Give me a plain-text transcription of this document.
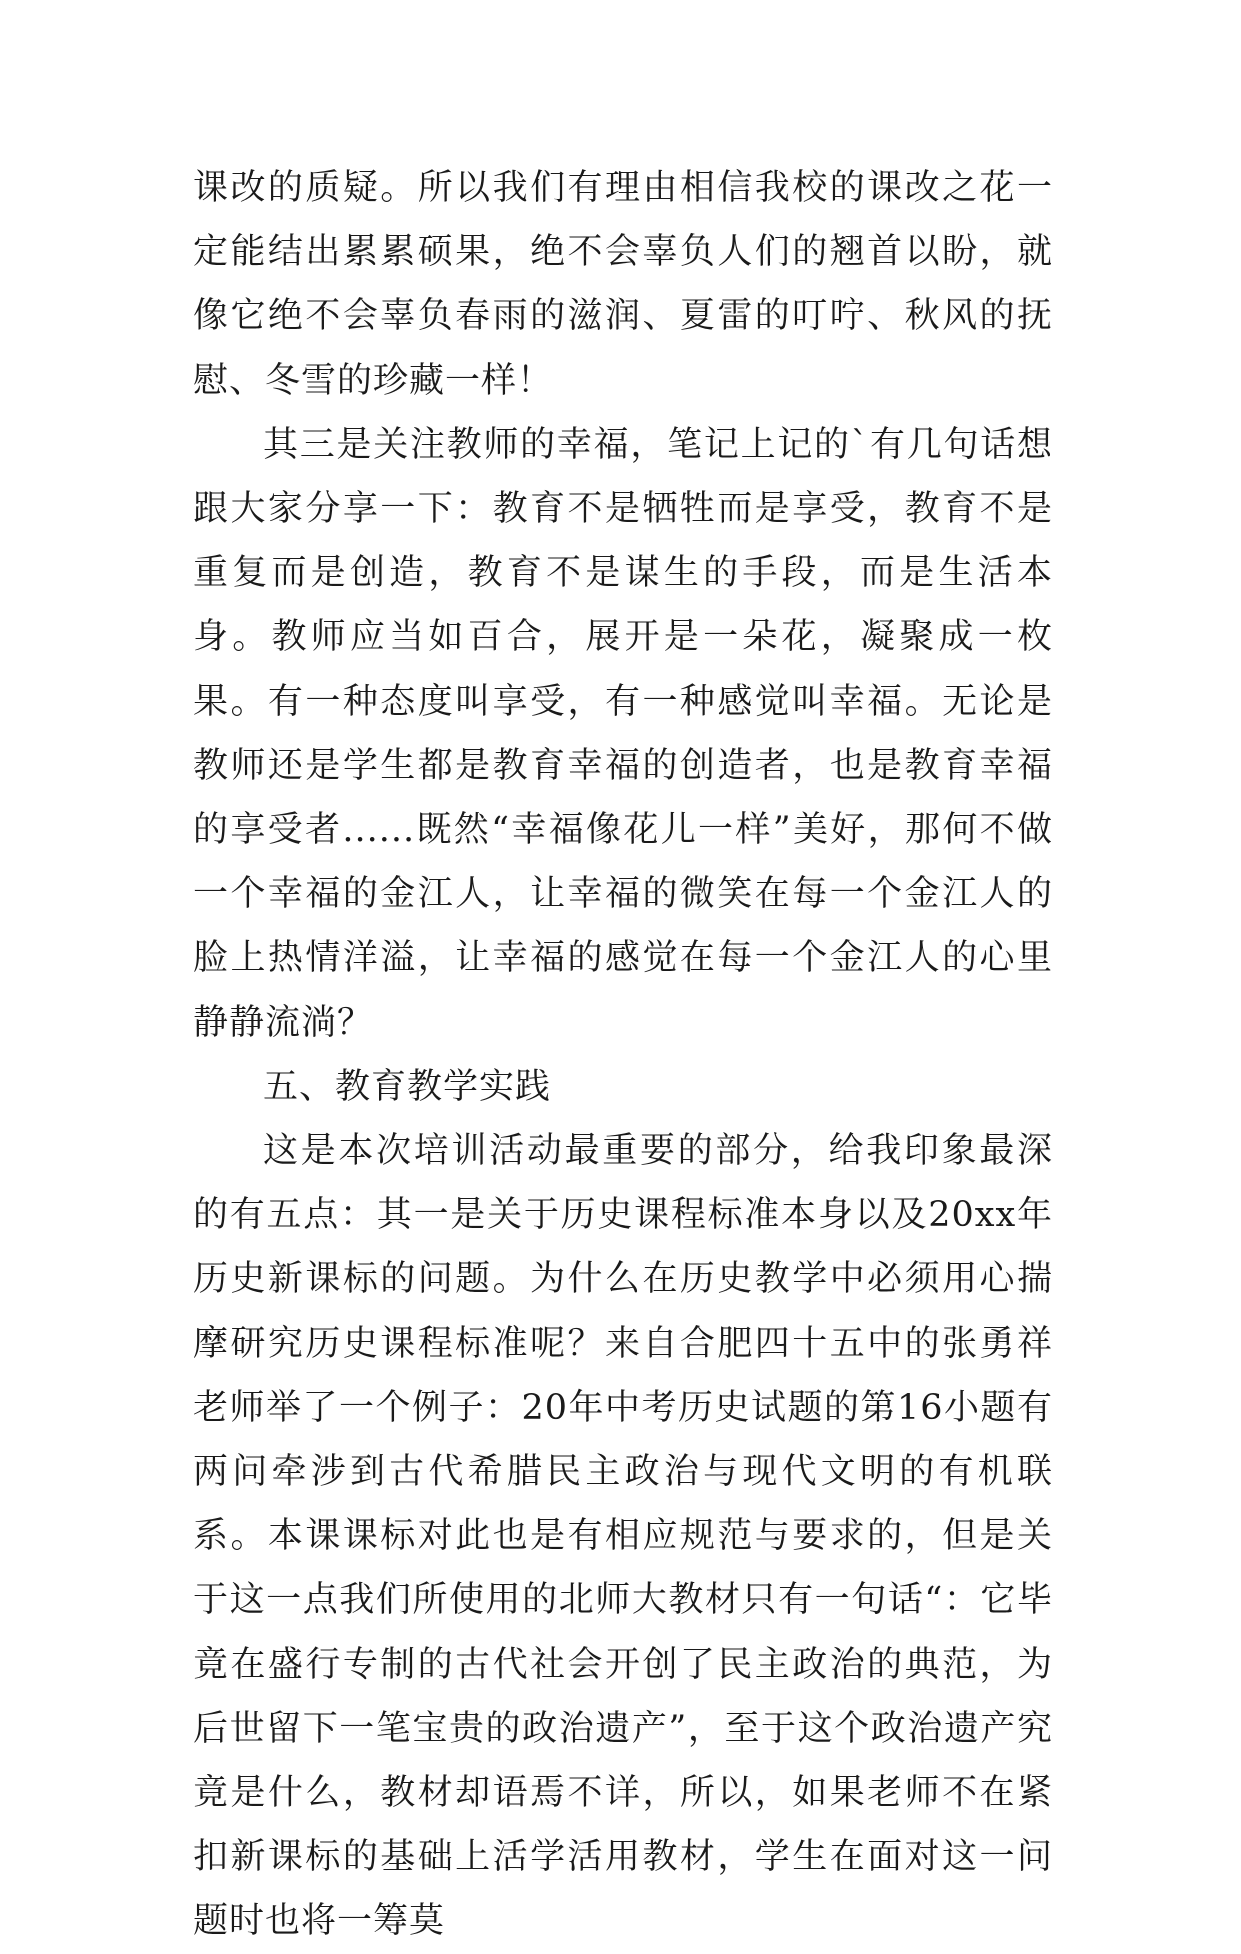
课改的质疑。所以我们有理由相信我校的课改之花一定能结出累累硕果，绝不会辜负人们的翘首以盼，就像它绝不会辜负春雨的滋润、夏雷的叮咛、秋风的抚慰、冬雪的珍藏一样！

其三是关注教师的幸福，笔记上记的`有几句话想跟大家分享一下：教育不是牺牲而是享受，教育不是重复而是创造，教育不是谋生的手段，而是生活本身。教师应当如百合，展开是一朵花，凝聚成一枚果。有一种态度叫享受，有一种感觉叫幸福。无论是教师还是学生都是教育幸福的创造者，也是教育幸福的享受者......既然“幸福像花儿一样”美好，那何不做一个幸福的金江人，让幸福的微笑在每一个金江人的脸上热情洋溢，让幸福的感觉在每一个金江人的心里静静流淌？

五、教育教学实践

这是本次培训活动最重要的部分，给我印象最深的有五点：其一是关于历史课程标准本身以及20xx年历史新课标的问题。为什么在历史教学中必须用心揣摩研究历史课程标准呢？来自合肥四十五中的张勇祥老师举了一个例子：20年中考历史试题的第16小题有两问牵涉到古代希腊民主政治与现代文明的有机联系。本课课标对此也是有相应规范与要求的，但是关于这一点我们所使用的北师大教材只有一句话“：它毕竟在盛行专制的古代社会开创了民主政治的典范，为后世留下一笔宝贵的政治遗产”，至于这个政治遗产究竟是什么，教材却语焉不详，所以，如果老师不在紧扣新课标的基础上活学活用教材，学生在面对这一问题时也将一筹莫
